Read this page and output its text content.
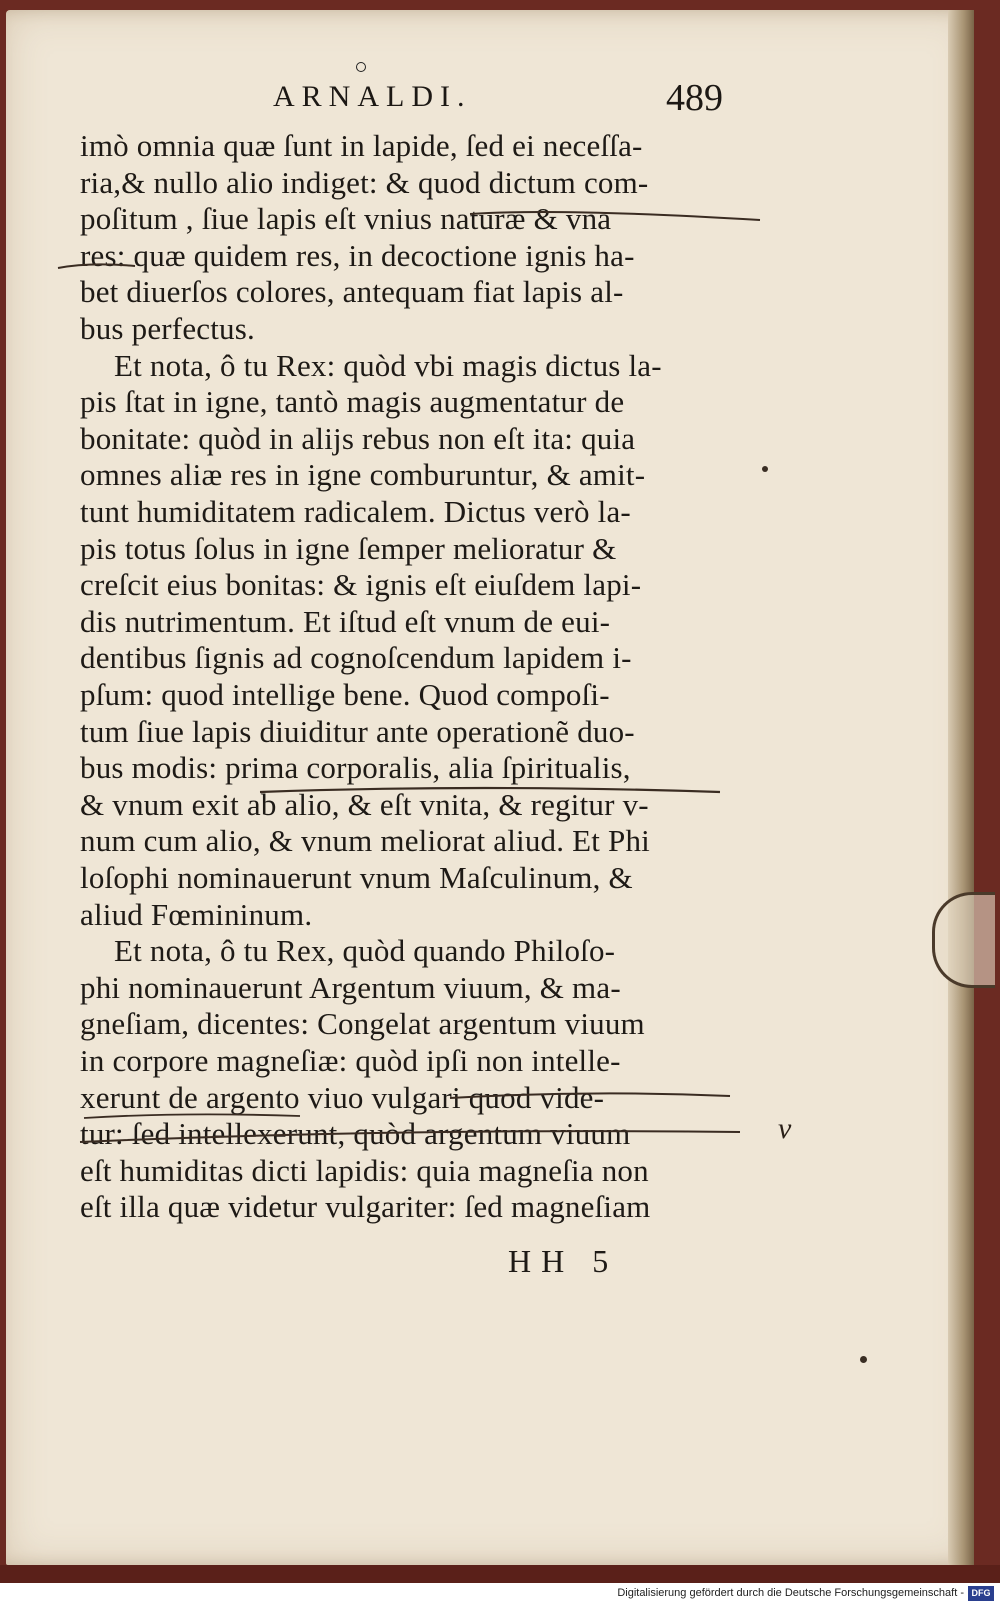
ARNALDI.	489
imò omnia quæ ſunt in lapide, ſed ei neceſſa-
ria,& nullo alio indiget: & quod dictum com-
poſitum , ſiue lapis eſt vnius naturæ & vna
res: quæ quidem res, in decoctione ignis ha-
bet diuerſos colores, antequam fiat lapis al-
bus perfectus.
Et nota, ô tu Rex: quòd vbi magis dictus la-
pis ſtat in igne, tantò magis augmentatur de
bonitate: quòd in alijs rebus non eſt ita: quia
omnes aliæ res in igne comburuntur, & amit-
tunt humiditatem radicalem. Dictus verò la-
pis totus ſolus in igne ſemper melioratur &
creſcit eius bonitas: & ignis eſt eiuſdem lapi-
dis nutrimentum. Et iſtud eſt vnum de eui-
dentibus ſignis ad cognoſcendum lapidem i-
pſum: quod intellige bene. Quod compoſi-
tum ſiue lapis diuiditur ante operationẽ duo-
bus modis: prima corporalis, alia ſpiritualis,
& vnum exit ab alio, & eſt vnita, & regitur v-
num cum alio, & vnum meliorat aliud. Et Phi
loſophi nominauerunt vnum Maſculinum, &
aliud Fœmininum.
Et nota, ô tu Rex, quòd quando Philoſo-
phi nominauerunt Argentum viuum, & ma-
gneſiam, dicentes: Congelat argentum viuum
in corpore magneſiæ: quòd ipſi non intelle-
xerunt de argento viuo vulgari quod vide-
tur: ſed intellexerunt, quòd argentum viuum
eſt humiditas dicti lapidis: quia magneſia non
eſt illa quæ videtur vulgariter: ſed magneſiam
v
HH 5
Digitalisierung gefördert durch die Deutsche Forschungsgemeinschaft - DFG
